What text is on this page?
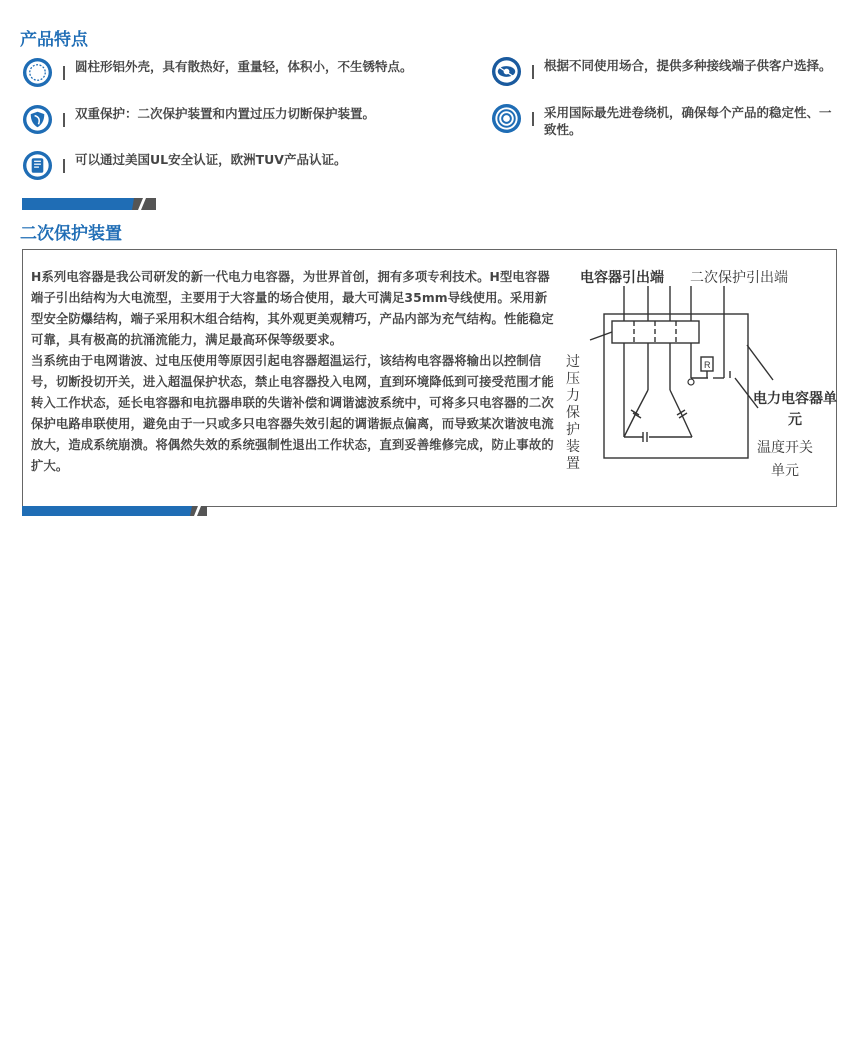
产品特点
圆柱形铝外壳，具有散热好，重量轻，体积小，不生锈特点。
双重保护：二次保护装置和内置过压力切断保护装置。
可以通过美国UL安全认证，欧洲TUV产品认证。
根据不同使用场合，提供多种接线端子供客户选择。
采用国际最先进卷绕机，确保每个产品的稳定性、一致性。
二次保护装置

H系列电容器是我公司研发的新一代电力电容器，为世界首创，拥有多项专利技术。H型电容器端子引出结构为大电流型，主要用于大容量的场合使用，最大可满足35mm导线使用。采用新型安全防爆结构，端子采用积木组合结构，其外观更美观精巧，产品内部为充气结构。性能稳定可靠，具有极高的抗涌流能力，满足最高环保等级要求。

当系统由于电网谐波、过电压使用等原因引起电容器超温运行，该结构电容器将输出以控制信号，切断投切开关，进入超温保护状态，禁止电容器投入电网，直到环境降低到可接受范围才能转入工作状态，延长电容器和电抗器串联的失谐补偿和调谐滤波系统中，可将多只电容器的二次保护电路串联使用，避免由于一只或多只电容器失效引起的调谐振点偏离，而导致某次谐波电流放大，造成系统崩溃。将偶然失效的系统强制性退出工作状态，直到妥善维修完成，防止事故的扩大。

电容器引出端 二次保护引出端
过压力保护装置
电力电容器单元
温度开关单元
R
